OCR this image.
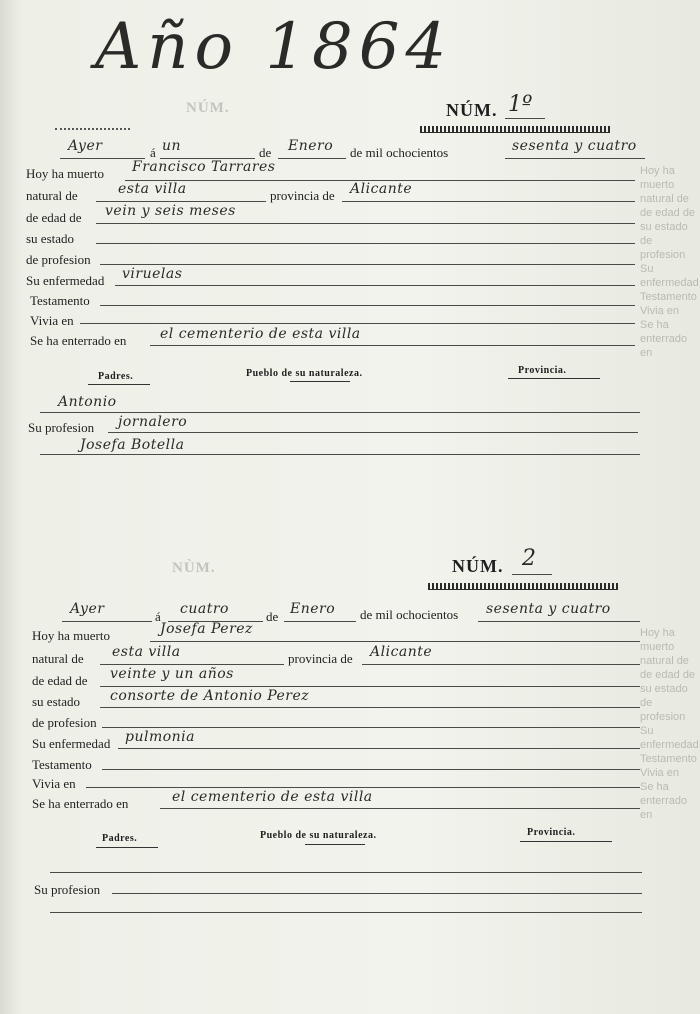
NÚM.
NÙM.
Hoy ha muerto
natural de
de edad de
su estado
de profesion
Su enfermedad
Testamento
Vivia en
Se ha enterrado en
Hoy ha muerto
natural de
de edad de
su estado
de profesion
Su enfermedad
Testamento
Vivia en
Se ha enterrado en
Año 1864
NÚM. 1º
Ayer	á un	de Enero de mil ochocientos	sesenta y cuatro
Hoy ha muerto Francisco Tarrares
natural de	esta villa	provincia de Alicante
de edad de vein y seis meses
su estado
de profesion
Su enfermedad viruelas
Testamento
Vivia en
Se ha enterrado en el cementerio de esta villa
Padres.	Pueblo de su naturaleza.	Provincia.
Antonio
Su profesion jornalero
Josefa Botella
NÚM. 2
Ayer	á cuatro	de Enero de mil ochocientos sesenta y cuatro
Hoy ha muerto	Josefa Perez
natural de esta villa	provincia de Alicante
de edad de veinte y un años
su estado consorte de Antonio Perez
de profesion
Su enfermedad pulmonia
Testamento
Vivia en
Se ha enterrado en	el cementerio de esta villa
Padres.	Pueblo de su naturaleza.	Provincia.
Su profesion
